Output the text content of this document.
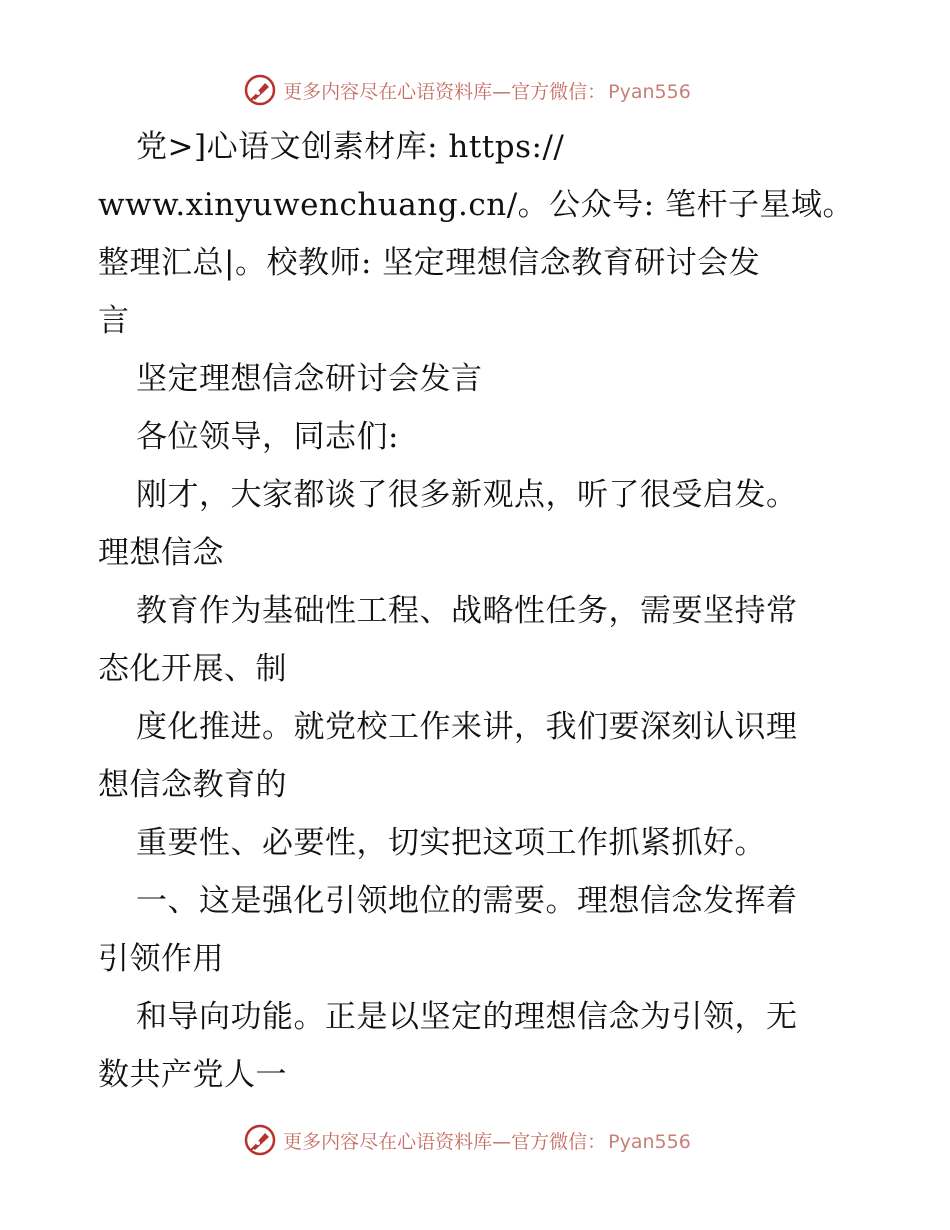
更多内容尽在心语资料库—官方微信： Pyan556
党>]心语文创素材库: https://
www.xinyuwenchuang.cn/。公众号: 笔杆子星域。
整理汇总|。校教师: 坚定理想信念教育研讨会发
言
坚定理想信念研讨会发言
各位领导，同志们:
刚才，大家都谈了很多新观点，听了很受启发。
理想信念
教育作为基础性工程、战略性任务，需要坚持常
态化开展、制
度化推进。就党校工作来讲，我们要深刻认识理
想信念教育的
重要性、必要性，切实把这项工作抓紧抓好。
一、这是强化引领地位的需要。理想信念发挥着
引领作用
和导向功能。正是以坚定的理想信念为引领，无
数共产党人一
更多内容尽在心语资料库—官方微信： Pyan556
